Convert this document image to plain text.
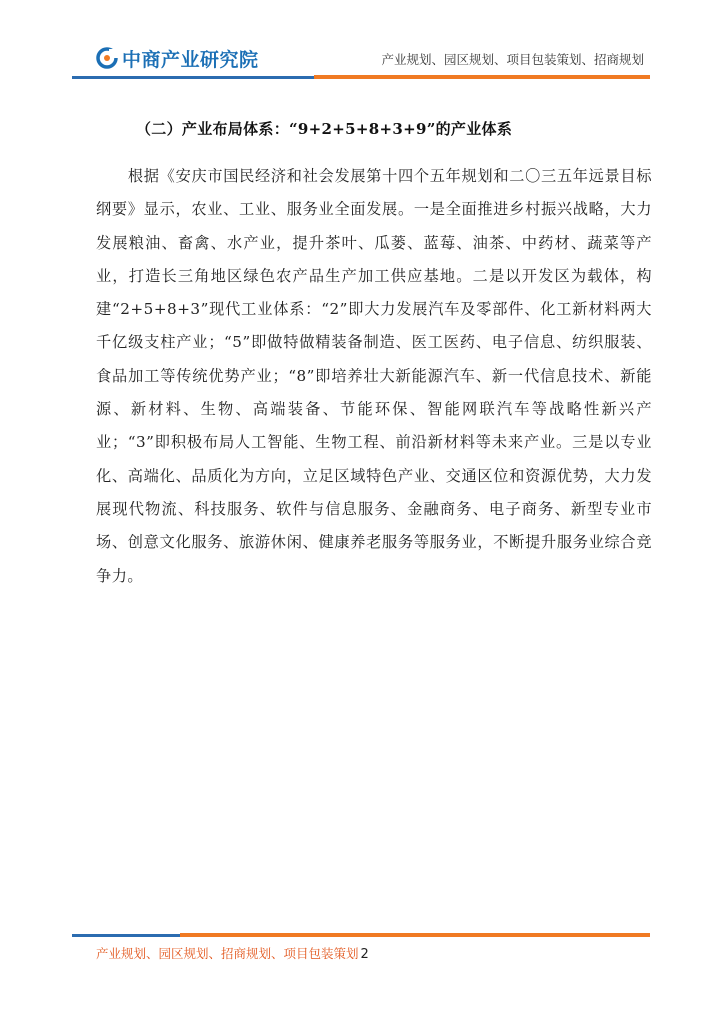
中商产业研究院	产业规划、园区规划、项目包装策划、招商规划
（二）产业布局体系：“9+2+5+8+3+9”的产业体系

根据《安庆市国民经济和社会发展第十四个五年规划和二〇三五年远景目标纲要》显示，农业、工业、服务业全面发展。一是全面推进乡村振兴战略，大力发展粮油、畜禽、水产业，提升茶叶、瓜蒌、蓝莓、油茶、中药材、蔬菜等产业，打造长三角地区绿色农产品生产加工供应基地。二是以开发区为载体，构建“2+5+8+3”现代工业体系：“2”即大力发展汽车及零部件、化工新材料两大千亿级支柱产业；“5”即做特做精装备制造、医工医药、电子信息、纺织服装、食品加工等传统优势产业；“8”即培养壮大新能源汽车、新一代信息技术、新能源、新材料、生物、高端装备、节能环保、智能网联汽车等战略性新兴产业；“3”即积极布局人工智能、生物工程、前沿新材料等未来产业。三是以专业化、高端化、品质化为方向，立足区域特色产业、交通区位和资源优势，大力发展现代物流、科技服务、软件与信息服务、金融商务、电子商务、新型专业市场、创意文化服务、旅游休闲、健康养老服务等服务业，不断提升服务业综合竞争力。

产业规划、园区规划、招商规划、项目包装策划 2
